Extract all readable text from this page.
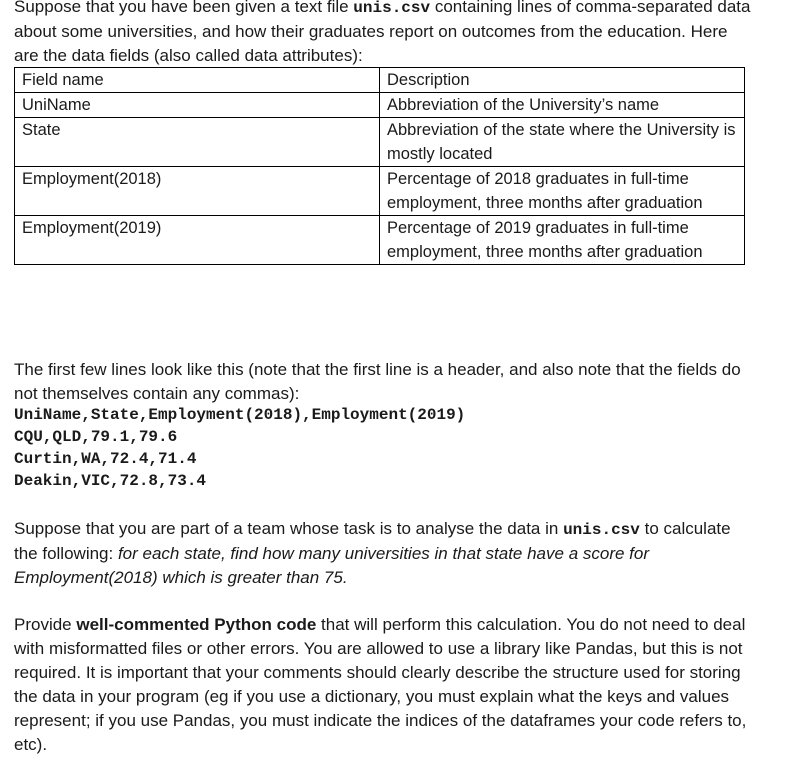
Suppose that you have been given a text file unis.csv containing lines of comma-separated data about some universities, and how their graduates report on outcomes from the education. Here are the data fields (also called data attributes):

Field name	Description
UniName	Abbreviation of the University’s name
State	Abbreviation of the state where the University is mostly located
Employment(2018)	Percentage of 2018 graduates in full-time employment, three months after graduation
Employment(2019)	Percentage of 2019 graduates in full-time employment, three months after graduation

The first few lines look like this (note that the first line is a header, and also note that the fields do not themselves contain any commas):

UniName,State,Employment(2018),Employment(2019)
CQU,QLD,79.1,79.6
Curtin,WA,72.4,71.4
Deakin,VIC,72.8,73.4

Suppose that you are part of a team whose task is to analyse the data in unis.csv to calculate the following: for each state, find how many universities in that state have a score for Employment(2018) which is greater than 75.

Provide well-commented Python code that will perform this calculation. You do not need to deal with misformatted files or other errors. You are allowed to use a library like Pandas, but this is not required. It is important that your comments should clearly describe the structure used for storing the data in your program (eg if you use a dictionary, you must explain what the keys and values represent; if you use Pandas, you must indicate the indices of the dataframes your code refers to, etc).
